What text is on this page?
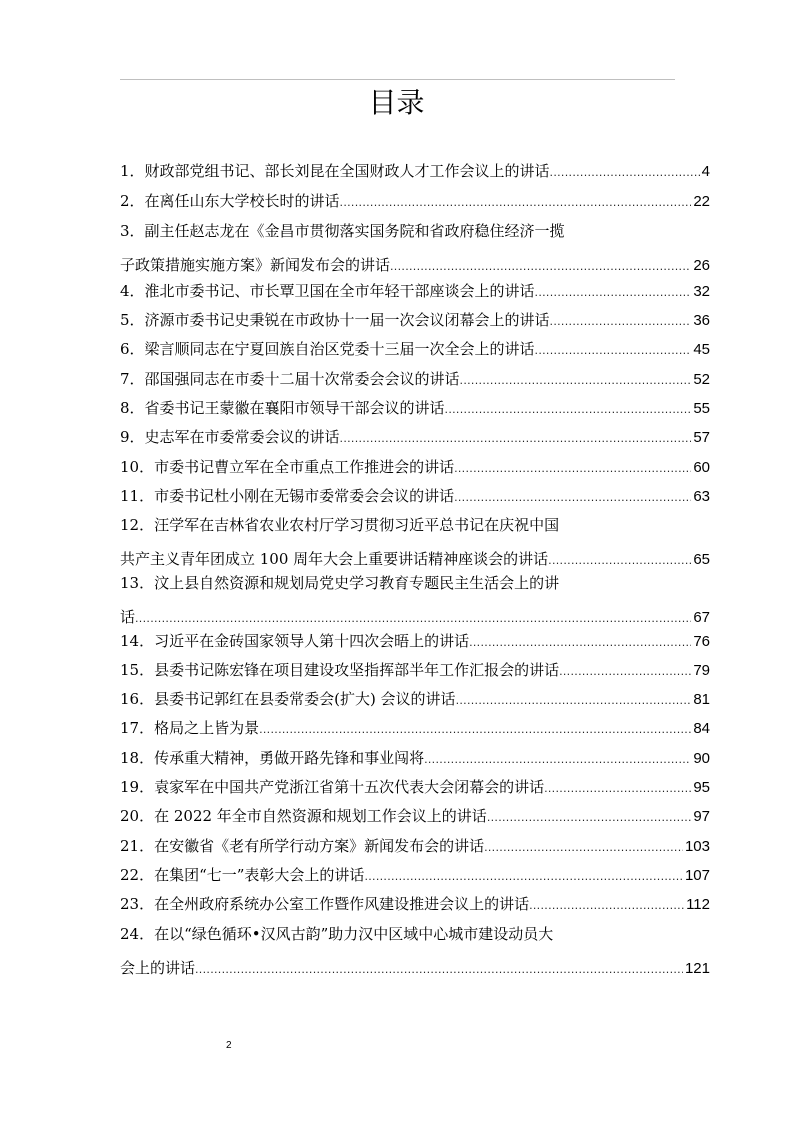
目录
1．财政部党组书记、部长刘昆在全国财政人才工作会议上的讲话 .....	4
2．在离任山东大学校长时的讲话 .....	22
3．副主任赵志龙在《金昌市贯彻落实国务院和省政府稳住经济一揽
子政策措施实施方案》新闻发布会的讲话 .....	26
4．淮北市委书记、市长覃卫国在全市年轻干部座谈会上的讲话 .....	32
5．济源市委书记史秉锐在市政协十一届一次会议闭幕会上的讲话 .....	36
6．梁言顺同志在宁夏回族自治区党委十三届一次全会上的讲话 .....	45
7．邵国强同志在市委十二届十次常委会会议的讲话 .....	52
8．省委书记王蒙徽在襄阳市领导干部会议的讲话 .....	55
9．史志军在市委常委会议的讲话 .....	57
10．市委书记曹立军在全市重点工作推进会的讲话 .....	60
11．市委书记杜小刚在无锡市委常委会会议的讲话 .....	63
12．汪学军在吉林省农业农村厅学习贯彻习近平总书记在庆祝中国
共产主义青年团成立 100 周年大会上重要讲话精神座谈会的讲话 .....	65
13．汶上县自然资源和规划局党史学习教育专题民主生活会上的讲
话 .....	67
14．习近平在金砖国家领导人第十四次会晤上的讲话 .....	76
15．县委书记陈宏锋在项目建设攻坚指挥部半年工作汇报会的讲话 .....	79
16．县委书记郭红在县委常委会(扩大) 会议的讲话 .....	81
17．格局之上皆为景 .....	84
18．传承重大精神，勇做开路先锋和事业闯将 .....	90
19．袁家军在中国共产党浙江省第十五次代表大会闭幕会的讲话 .....	95
20．在 2022 年全市自然资源和规划工作会议上的讲话 .....	97
21．在安徽省《老有所学行动方案》新闻发布会的讲话 .....	103
22．在集团“七一”表彰大会上的讲话 .....	107
23．在全州政府系统办公室工作暨作风建设推进会议上的讲话 .....	112
24．在以“绿色循环•汉风古韵”助力汉中区域中心城市建设动员大
会上的讲话 .....	121
2
